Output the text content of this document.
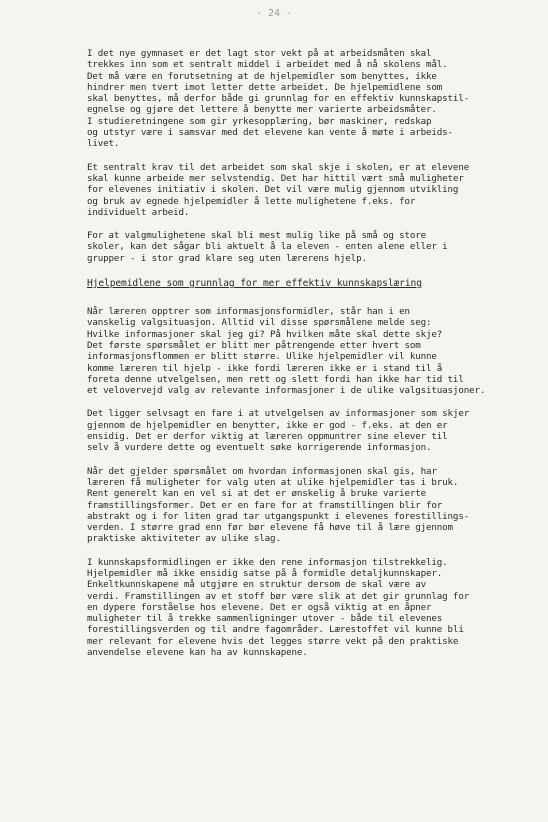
- 24 -
I det nye gymnaset er det lagt stor vekt på at arbeidsmåten skal
trekkes inn som et sentralt middel i arbeidet med å nå skolens mål.
Det må være en forutsetning at de hjelpemidler som benyttes, ikke
hindrer men tvert imot letter dette arbeidet. De hjelpemidlene som
skal benyttes, må derfor både gi grunnlag for en effektiv kunnskapstil-
egnelse og gjøre det lettere å benytte mer varierte arbeidsmåter.
I studieretningene som gir yrkesopplæring, bør maskiner, redskap
og utstyr være i samsvar med det elevene kan vente å møte i arbeids-
livet.
Et sentralt krav til det arbeidet som skal skje i skolen, er at elevene
skal kunne arbeide mer selvstendig. Det har hittil vært små muligheter
for elevenes initiativ i skolen. Det vil være mulig gjennom utvikling
og bruk av egnede hjelpemidler å lette mulighetene f.eks. for
individuelt arbeid.
For at valgmulighetene skal bli mest mulig like på små og store
skoler, kan det sågar bli aktuelt å la eleven - enten alene eller i
grupper - i stor grad klare seg uten lærerens hjelp.
Hjelpemidlene som grunnlag for mer effektiv kunnskapslæring
Når læreren opptrer som informasjonsformidler, står han i en
vanskelig valgsituasjon. Alltid vil disse spørsmålene melde seg:
Hvilke informasjoner skal jeg gi? På hvilken måte skal dette skje?
Det første spørsmålet er blitt mer påtrengende etter hvert som
informasjonsflommen er blitt større. Ulike hjelpemidler vil kunne
komme læreren til hjelp - ikke fordi læreren ikke er i stand til å
foreta denne utvelgelsen, men rett og slett fordi han ikke har tid til
et velovervejd valg av relevante informasjoner i de ulike valgsituasjoner.
Det ligger selvsagt en fare i at utvelgelsen av informasjoner som skjer
gjennom de hjelpemidler en benytter, ikke er god - f.eks. at den er
ensidig. Det er derfor viktig at læreren oppmuntrer sine elever til
selv å vurdere dette og eventuelt søke korrigerende informasjon.
Når det gjelder spørsmålet om hvordan informasjonen skal gis, har
læreren få muligheter for valg uten at ulike hjelpemidler tas i bruk.
Rent generelt kan en vel si at det er ønskelig å bruke varierte
framstillingsformer. Det er en fare for at framstillingen blir for
abstrakt og i for liten grad tar utgangspunkt i elevenes forestillings-
verden. I større grad enn før bør elevene få høve til å lære gjennom
praktiske aktiviteter av ulike slag.
I kunnskapsformidlingen er ikke den rene informasjon tilstrekkelig.
Hjelpemidler må ikke ensidig satse på å formidle detaljkunnskaper.
Enkeltkunnskapene må utgjøre en struktur dersom de skal være av
verdi. Framstillingen av et stoff bør være slik at det gir grunnlag for
en dypere forståelse hos elevene. Det er også viktig at en åpner
muligheter til å trekke sammenligninger utover - både til elevenes
forestillingsverden og til andre fagområder. Lærestoffet vil kunne bli
mer relevant for elevene hvis det legges større vekt på den praktiske
anvendelse elevene kan ha av kunnskapene.
